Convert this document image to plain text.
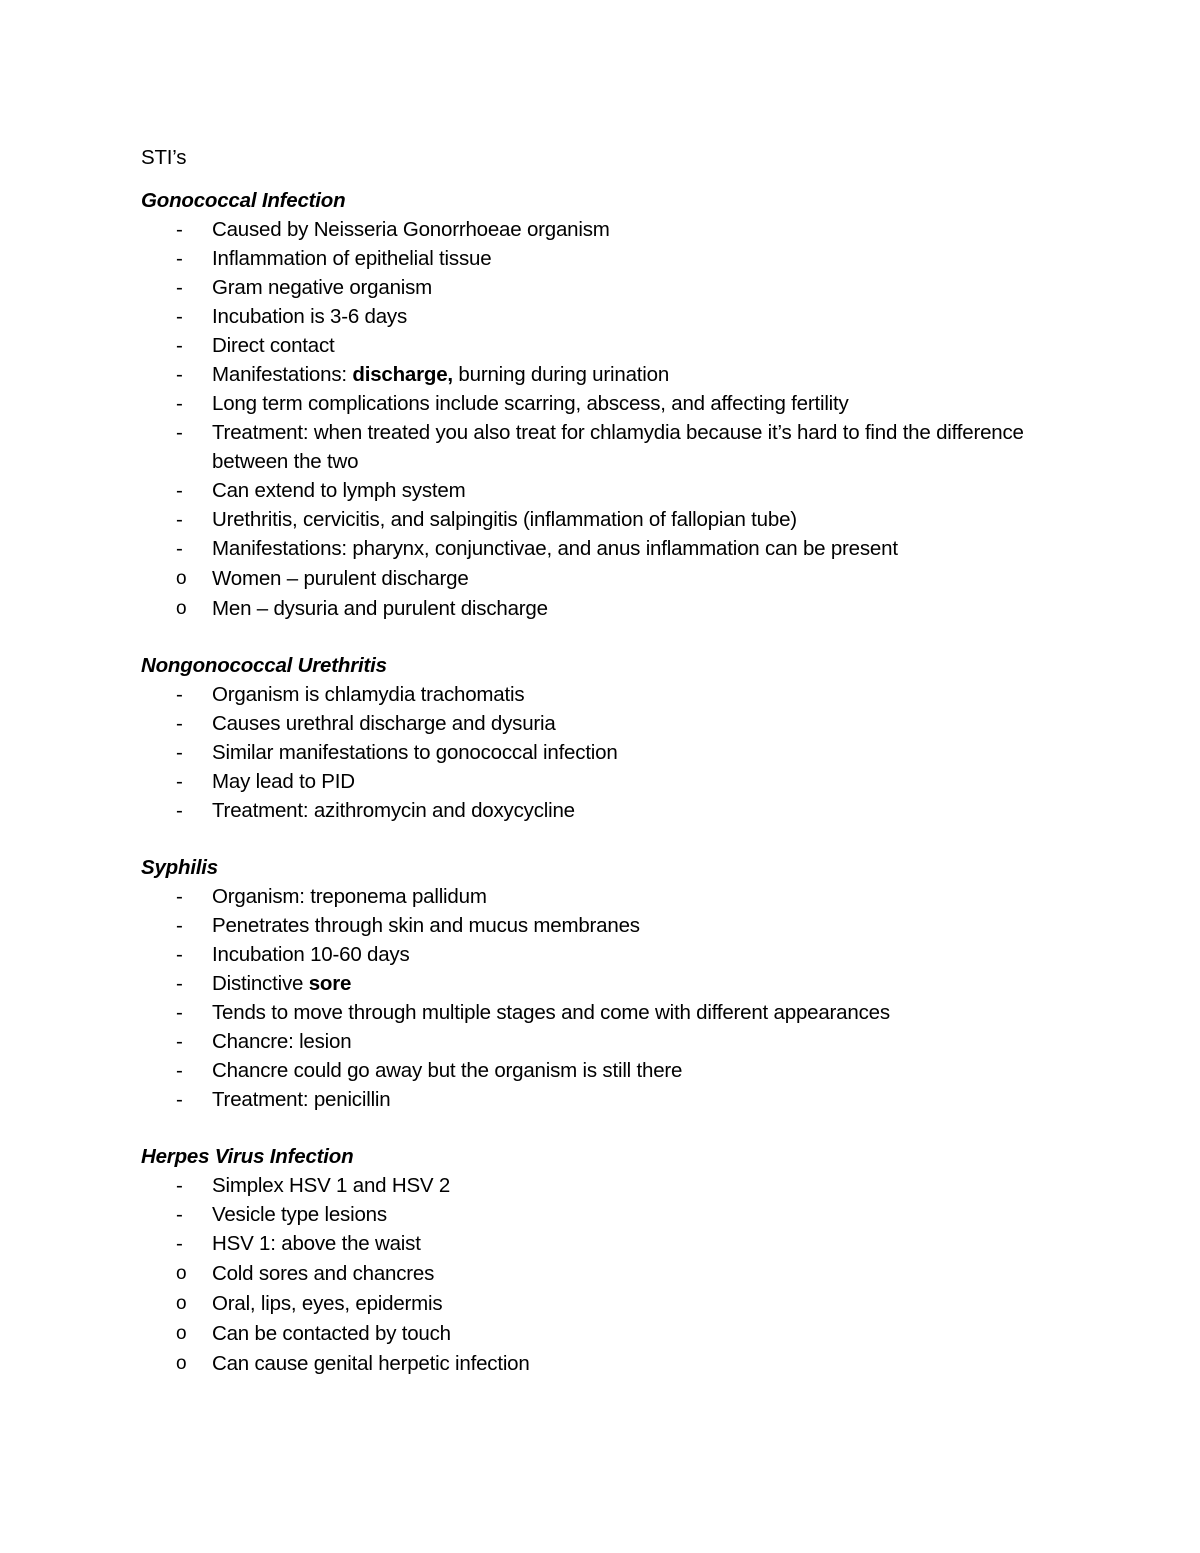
STI’s
Gonococcal Infection
- Caused by Neisseria Gonorrhoeae organism
- Inflammation of epithelial tissue
- Gram negative organism
- Incubation is 3-6 days
- Direct contact
- Manifestations: discharge, burning during urination
- Long term complications include scarring, abscess, and affecting fertility
- Treatment: when treated you also treat for chlamydia because it’s hard to find the difference between the two
- Can extend to lymph system
- Urethritis, cervicitis, and salpingitis (inflammation of fallopian tube)
- Manifestations: pharynx, conjunctivae, and anus inflammation can be present
o Women – purulent discharge
o Men – dysuria and purulent discharge
Nongonococcal Urethritis
- Organism is chlamydia trachomatis
- Causes urethral discharge and dysuria
- Similar manifestations to gonococcal infection
- May lead to PID
- Treatment: azithromycin and doxycycline
Syphilis
- Organism: treponema pallidum
- Penetrates through skin and mucus membranes
- Incubation 10-60 days
- Distinctive sore
- Tends to move through multiple stages and come with different appearances
- Chancre: lesion
- Chancre could go away but the organism is still there
- Treatment: penicillin
Herpes Virus Infection
- Simplex HSV 1 and HSV 2
- Vesicle type lesions
- HSV 1: above the waist
o Cold sores and chancres
o Oral, lips, eyes, epidermis
o Can be contacted by touch
o Can cause genital herpetic infection
